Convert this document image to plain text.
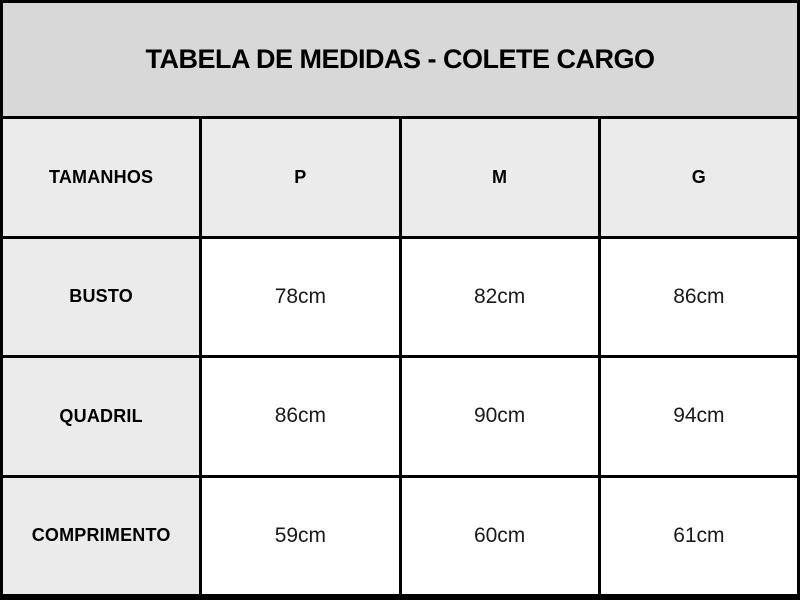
TABELA DE MEDIDAS - COLETE CARGO
TAMANHOS	P	M	G
BUSTO	78cm	82cm	86cm
QUADRIL	86cm	90cm	94cm
COMPRIMENTO	59cm	60cm	61cm
